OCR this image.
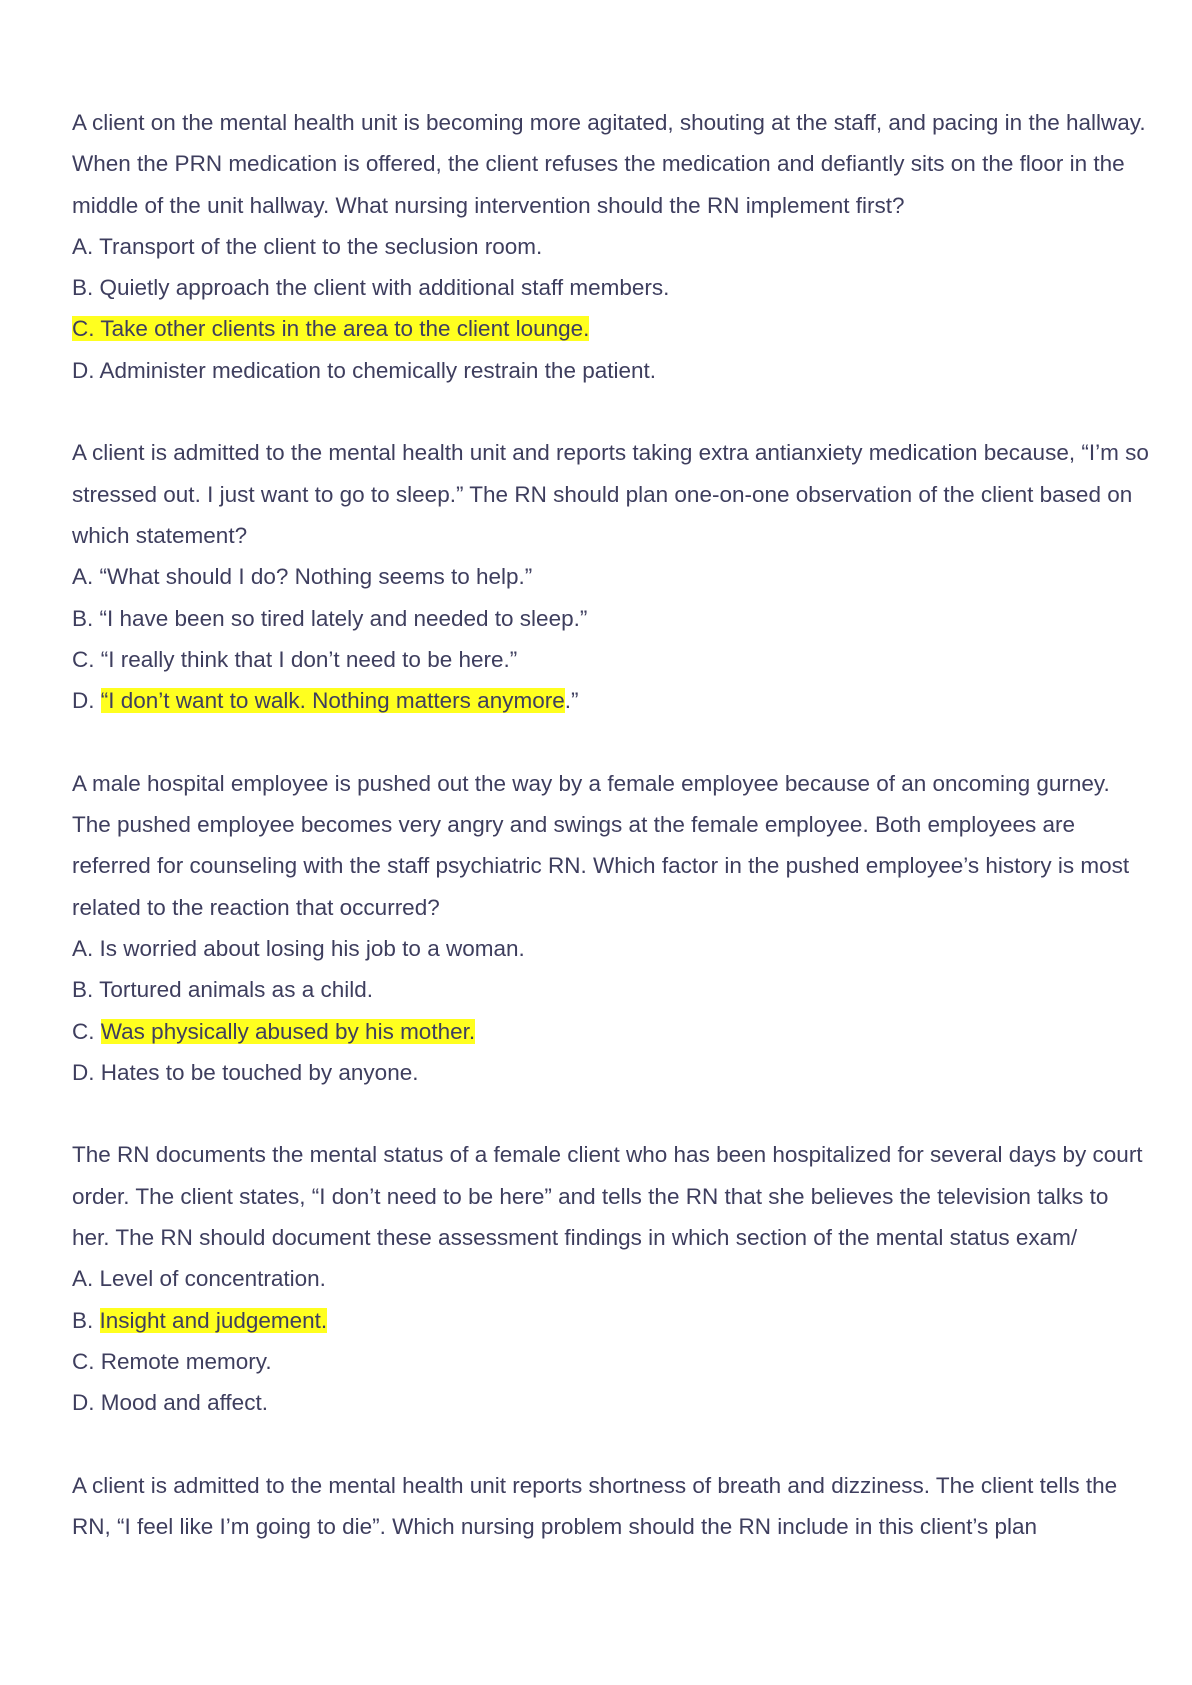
A client on the mental health unit is becoming more agitated, shouting at the staff, and pacing in the hallway. When the PRN medication is offered, the client refuses the medication and defiantly sits on the floor in the middle of the unit hallway. What nursing intervention should the RN implement first?

A. Transport of the client to the seclusion room.

B. Quietly approach the client with additional staff members.

C. Take other clients in the area to the client lounge.

D. Administer medication to chemically restrain the patient.

A client is admitted to the mental health unit and reports taking extra antianxiety medication because, “I’m so stressed out. I just want to go to sleep.” The RN should plan one-on-one observation of the client based on which statement?

A. “What should I do? Nothing seems to help.”

B. “I have been so tired lately and needed to sleep.”

C. “I really think that I don’t need to be here.”

D. “I don’t want to walk. Nothing matters anymore.”

A male hospital employee is pushed out the way by a female employee because of an oncoming gurney. The pushed employee becomes very angry and swings at the female employee. Both employees are referred for counseling with the staff psychiatric RN. Which factor in the pushed employee’s history is most related to the reaction that occurred?

A. Is worried about losing his job to a woman.

B. Tortured animals as a child.

C. Was physically abused by his mother.

D. Hates to be touched by anyone.

The RN documents the mental status of a female client who has been hospitalized for several days by court order. The client states, “I don’t need to be here” and tells the RN that she believes the television talks to her. The RN should document these assessment findings in which section of the mental status exam/

A. Level of concentration.

B. Insight and judgement.

C. Remote memory.

D. Mood and affect.

A client is admitted to the mental health unit reports shortness of breath and dizziness. The client tells the RN, “I feel like I’m going to die”. Which nursing problem should the RN include in this client’s plan
